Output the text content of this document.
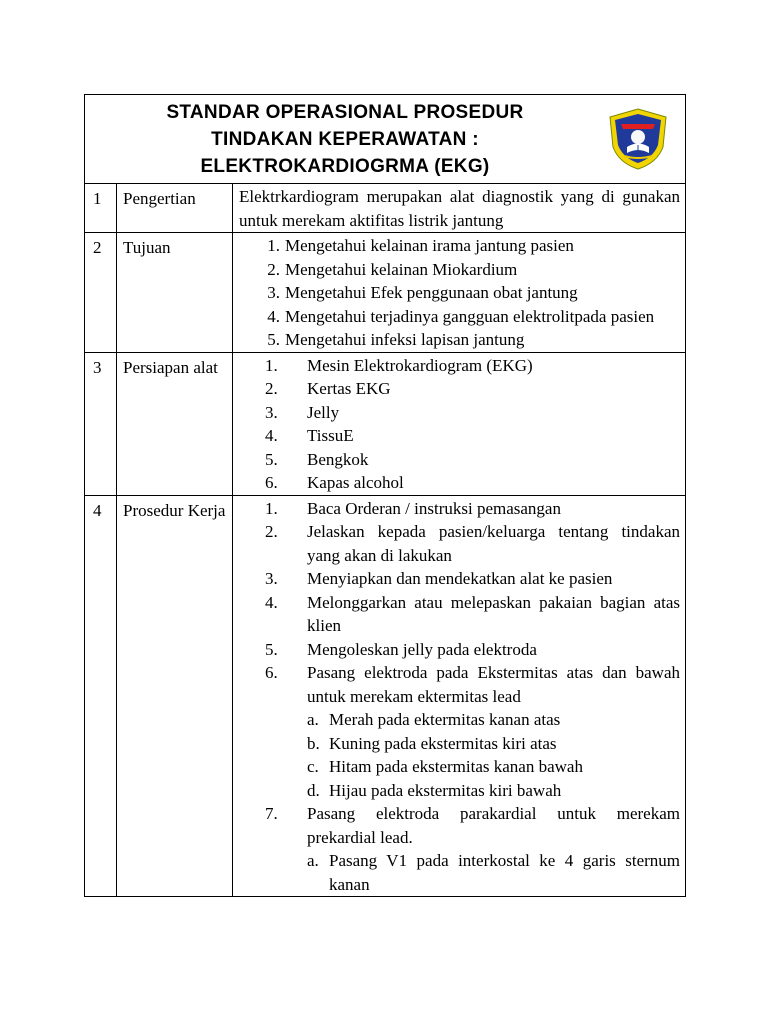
STANDAR OPERASIONAL PROSEDUR
TINDAKAN KEPERAWATAN :
ELEKTROKARDIOGRMA (EKG)
1	Pengertian	Elektrkardiogram merupakan alat diagnostik yang di gunakan untuk merekam aktifitas listrik jantung

2	Tujuan	1. Mengetahui kelainan irama jantung pasien
2. Mengetahui kelainan Miokardium
3. Mengetahui Efek penggunaan obat jantung
4. Mengetahui terjadinya gangguan elektrolitpada pasien
5. Mengetahui infeksi lapisan jantung
3	Persiapan alat	1.	Mesin Elektrokardiogram (EKG)
2.	Kertas EKG
3.	Jelly
4.	TissuE
5.	Bengkok
6.	Kapas alcohol
4	Prosedur Kerja	1.	Baca Orderan / instruksi pemasangan
2.	Jelaskan kepada pasien/keluarga tentang tindakan yang akan di lakukan
3.	Menyiapkan dan mendekatkan alat ke pasien
4.	Melonggarkan atau melepaskan pakaian bagian atas klien
5.	Mengoleskan jelly pada elektroda
6.	Pasang elektroda pada Ekstermitas atas dan bawah untuk merekam ektermitas lead
a. Merah pada ektermitas kanan atas
b. Kuning pada ekstermitas kiri atas
c. Hitam pada ekstermitas kanan bawah
d. Hijau pada ekstermitas kiri bawah
7.	Pasang elektroda parakardial untuk merekam prekardial lead.
a. Pasang V1 pada interkostal ke 4 garis sternum kanan
